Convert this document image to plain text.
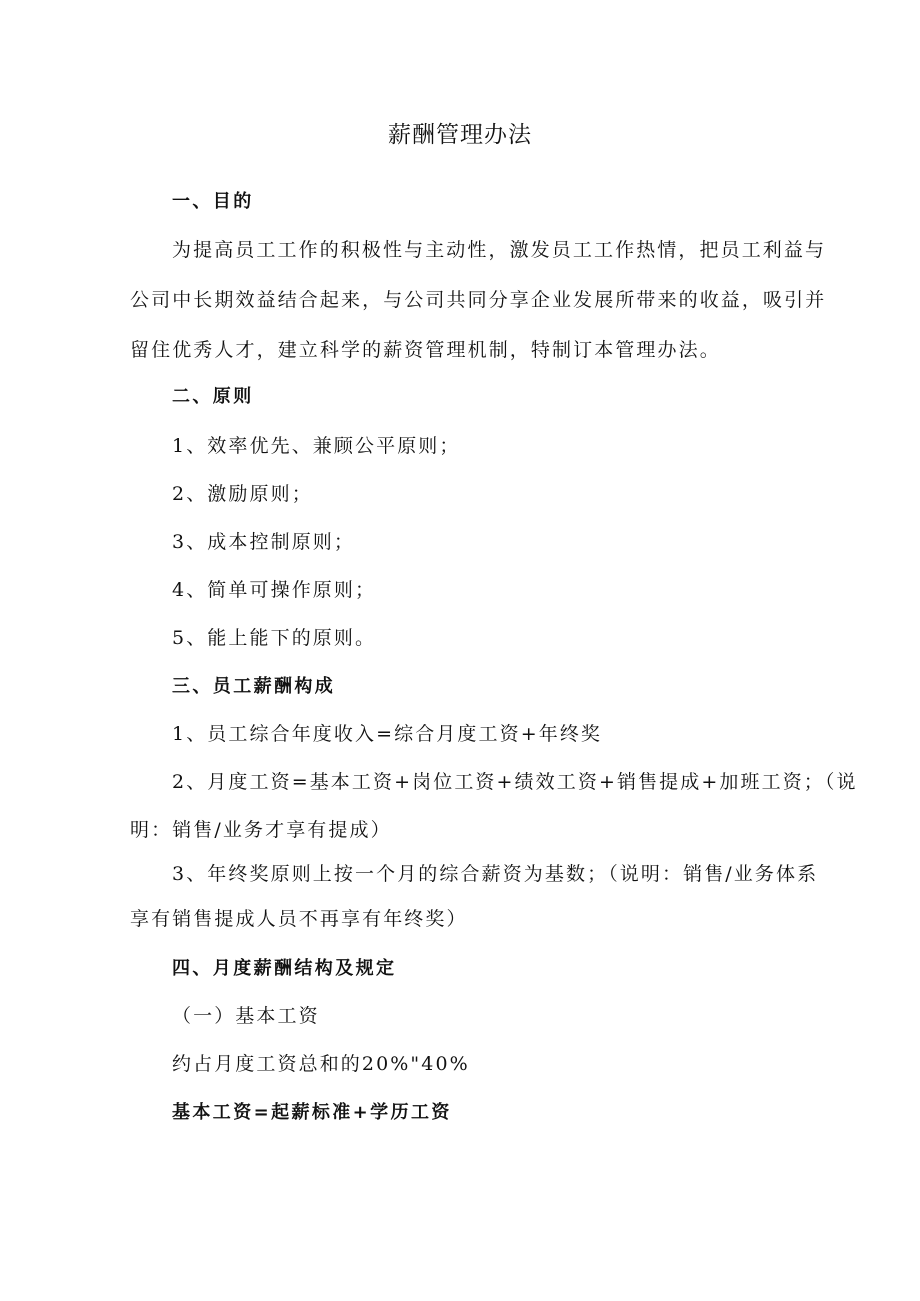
薪酬管理办法
一、目的
为提高员工工作的积极性与主动性，激发员工工作热情，把员工利益与
公司中长期效益结合起来，与公司共同分享企业发展所带来的收益，吸引并
留住优秀人才，建立科学的薪资管理机制，特制订本管理办法。
二、原则
1、效率优先、兼顾公平原则；
2、激励原则；
3、成本控制原则；
4、简单可操作原则；
5、能上能下的原则。
三、员工薪酬构成
1、员工综合年度收入=综合月度工资+年终奖
2、月度工资=基本工资+岗位工资+绩效工资+销售提成+加班工资；（说
明：销售/业务才享有提成）
3、年终奖原则上按一个月的综合薪资为基数；（说明：销售/业务体系
享有销售提成人员不再享有年终奖）
四、月度薪酬结构及规定
（一）基本工资
约占月度工资总和的20%"40%
基本工资=起薪标准+学历工资
